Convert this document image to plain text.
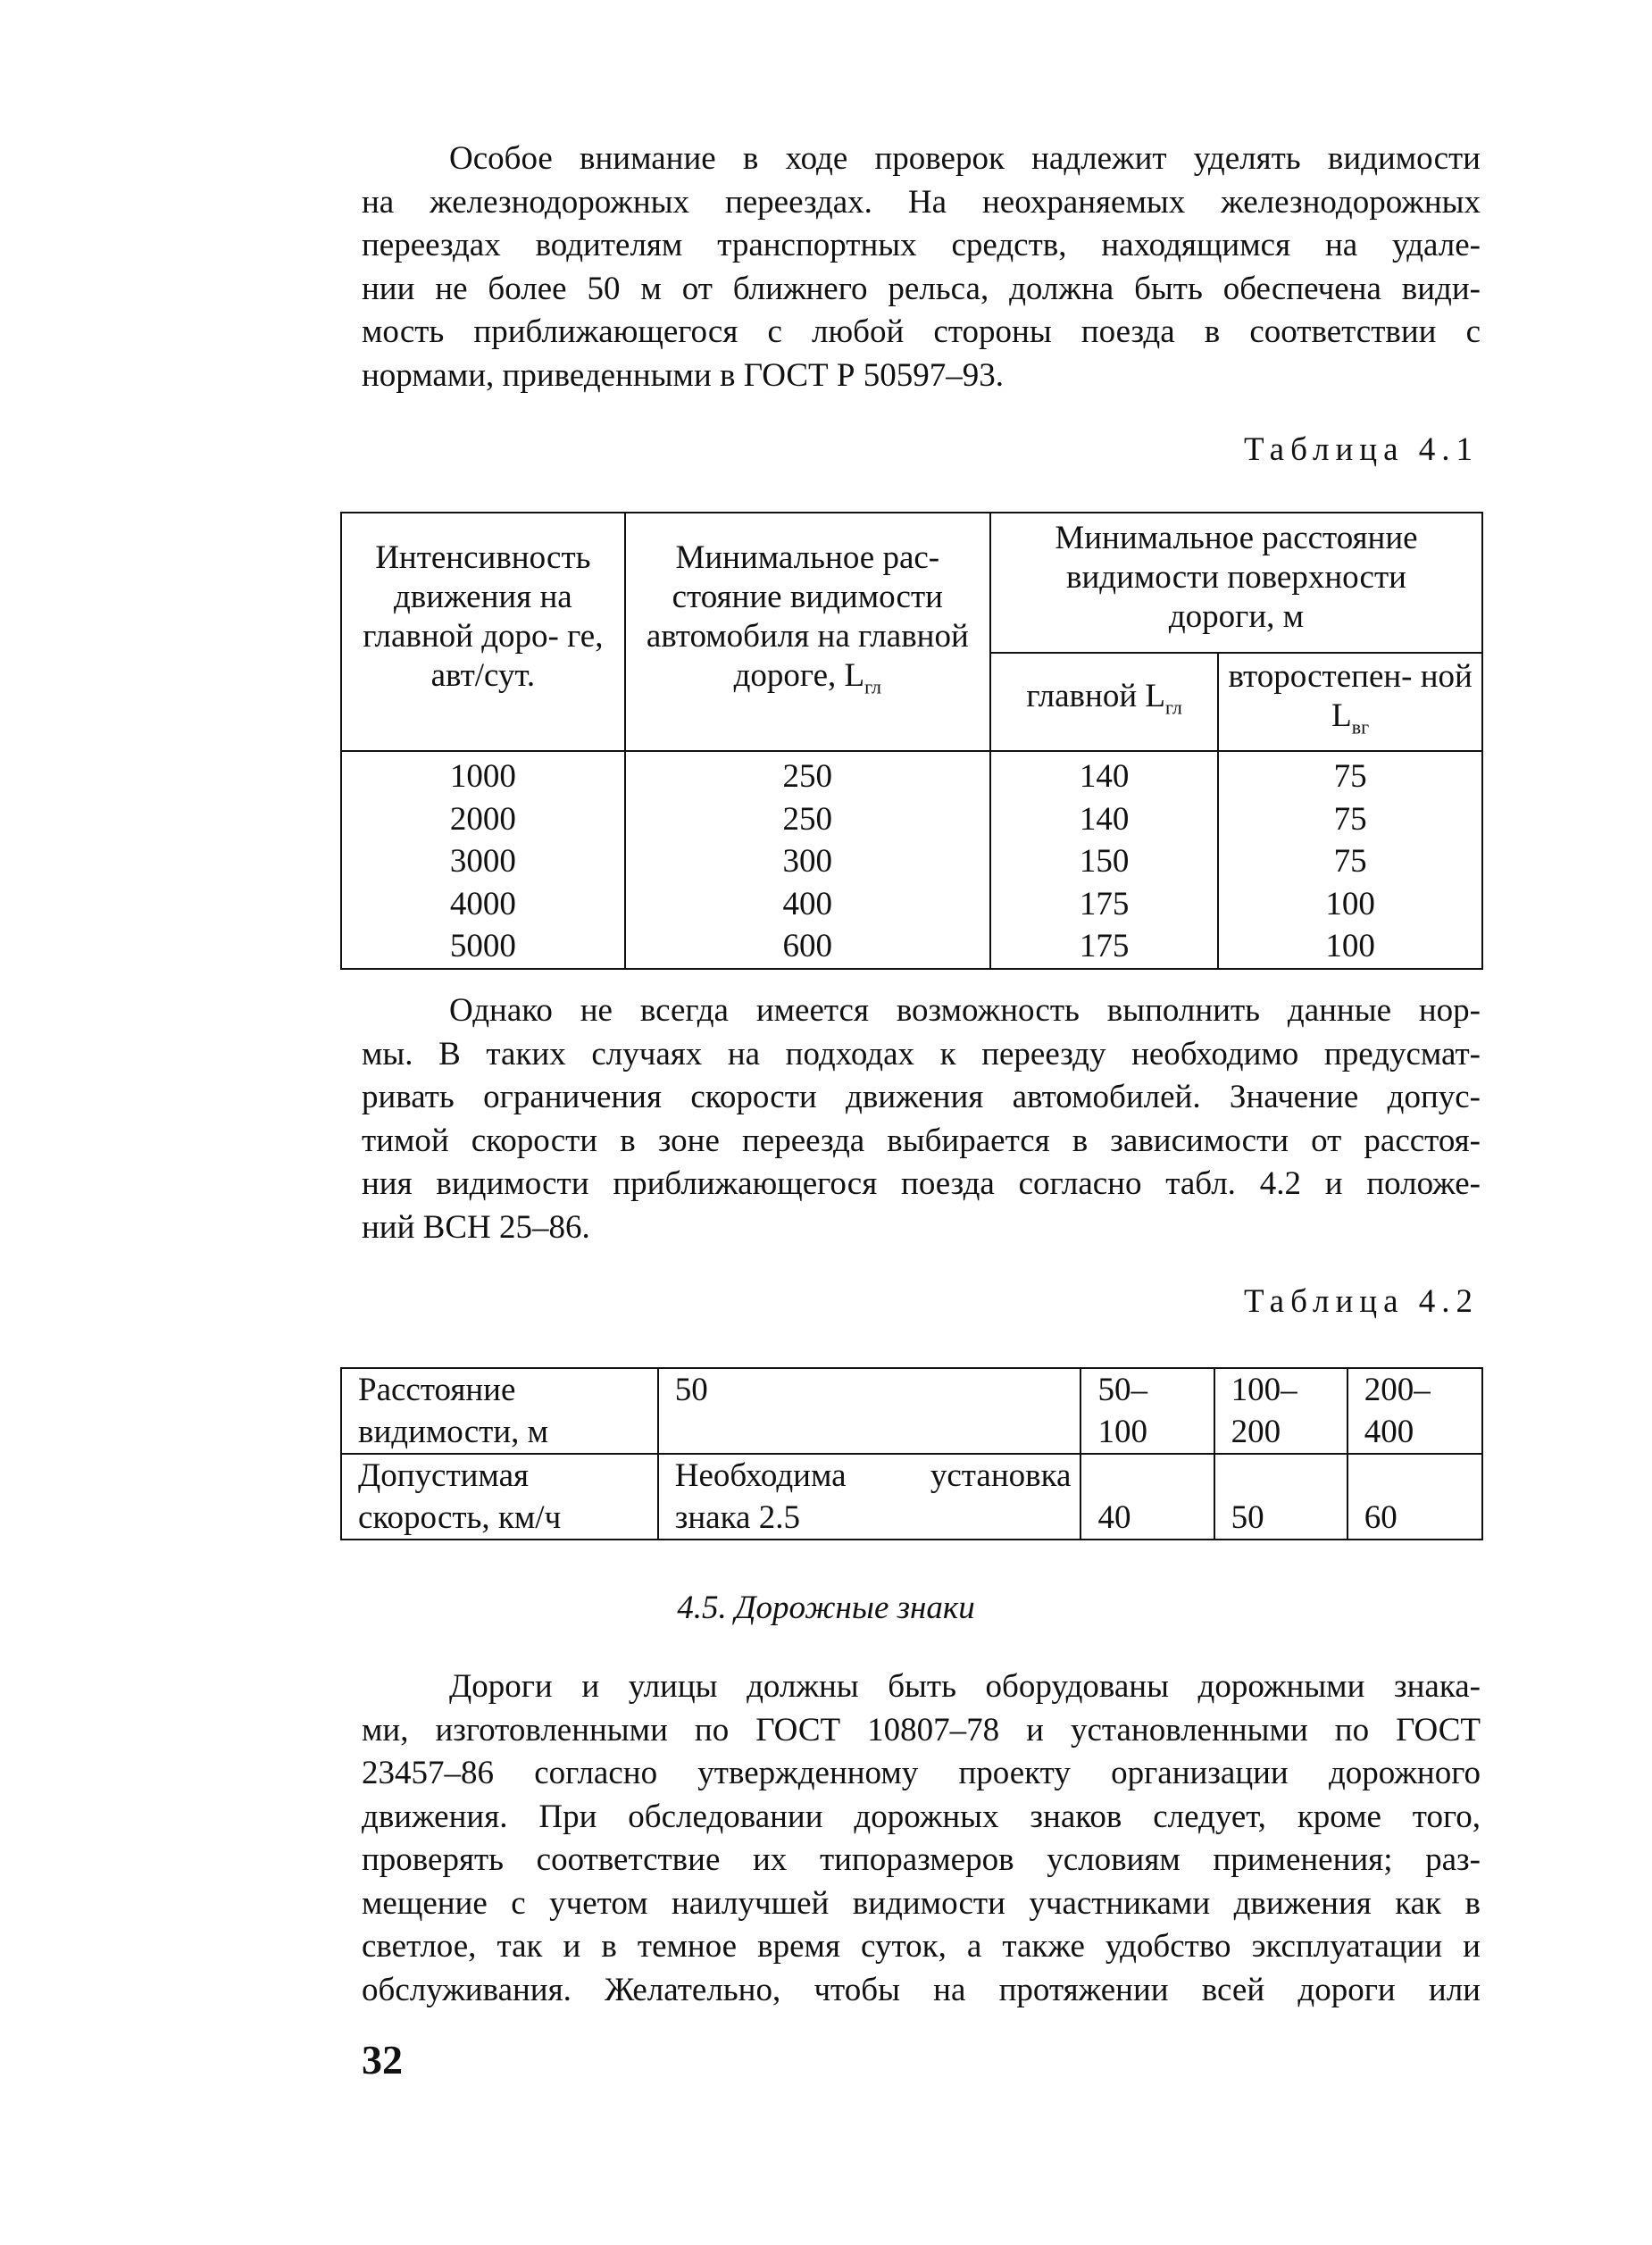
Особое внимание в ходе проверок надлежит уделять видимости
на железнодорожных переездах. На неохраняемых железнодорожных
переездах водителям транспортных средств, находящимся на удале-
нии не более 50 м от ближнего рельса, должна быть обеспечена види-
мость приближающегося с любой стороны поезда в соответствии с
нормами, приведенными в ГОСТ Р 50597–93.
Таблица 4.1
Интенсивность движения на главной доро- ге, авт/сут.	Минимальное рас- стояние видимости автомобиля на главной дороге, $L_{гл}$	Минимальное расстояние видимости поверхности дороги, м	
		главной $L_{гл}$	второстепен- ной $L_{вг}$
1000	250	140	75
2000	250	140	75
3000	300	150	75
4000	400	175	100
5000	600	175	100
Однако не всегда имеется возможность выполнить данные нор-
мы. В таких случаях на подходах к переезду необходимо предусмат-
ривать ограничения скорости движения автомобилей. Значение допус-
тимой скорости в зоне переезда выбирается в зависимости от расстоя-
ния видимости приближающегося поезда согласно табл. 4.2 и положе-
ний ВСН 25–86.
Таблица 4.2
Расстояние видимости, м	50	50– 100	100– 200	200– 400
Допустимая скорость, км/ч	Необходима установка знака 2.5	40	50	60
4.5. Дорожные знаки
Дороги и улицы должны быть оборудованы дорожными знака-
ми, изготовленными по ГОСТ 10807–78 и установленными по ГОСТ
23457–86 согласно утвержденному проекту организации дорожного
движения. При обследовании дорожных знаков следует, кроме того,
проверять соответствие их типоразмеров условиям применения; раз-
мещение с учетом наилучшей видимости участниками движения как в
светлое, так и в темное время суток, а также удобство эксплуатации и
обслуживания. Желательно, чтобы на протяжении всей дороги или
32
